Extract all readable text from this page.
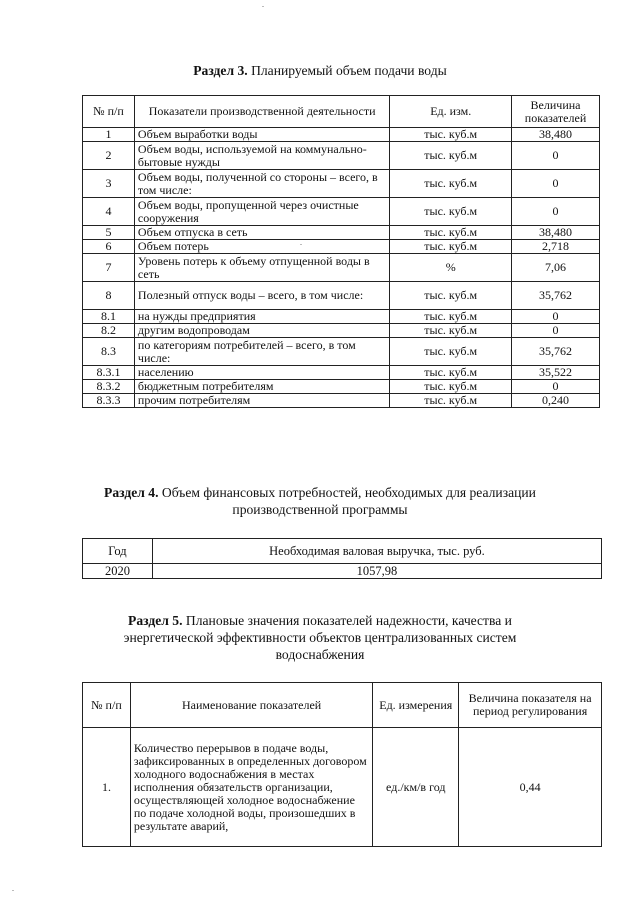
Раздел 3. Планируемый объем подачи воды
№ п/п	Показатели производственной деятельности	Ед. изм.	Величина показателей
1	Объем выработки воды	тыс. куб.м	38,480
2	Объем воды, используемой на коммунально-бытовые нужды	тыс. куб.м	0
3	Объем воды, полученной со стороны – всего, в том числе:	тыс. куб.м	0
4	Объем воды, пропущенной через очистные сооружения	тыс. куб.м	0
5	Объем отпуска в сеть	тыс. куб.м	38,480
6	Объем потерь	тыс. куб.м	2,718
7	Уровень потерь к объему отпущенной воды в сеть	%	7,06
8	Полезный отпуск воды – всего, в том числе:	тыс. куб.м	35,762
8.1	на нужды предприятия	тыс. куб.м	0
8.2	другим водопроводам	тыс. куб.м	0
8.3	по категориям потребителей – всего, в том числе:	тыс. куб.м	35,762
8.3.1	населению	тыс. куб.м	35,522
8.3.2	бюджетным потребителям	тыс. куб.м	0
8.3.3	прочим потребителям	тыс. куб.м	0,240
Раздел 4. Объем финансовых потребностей, необходимых для реализации
производственной программы
Год	Необходимая валовая выручка, тыс. руб.
2020	1057,98
Раздел 5. Плановые значения показателей надежности, качества и
энергетической эффективности объектов централизованных систем
водоснабжения
№ п/п	Наименование показателей	Ед. измерения	Величина показателя на период регулирования
1.	Количество перерывов в подаче воды, зафиксированных в определенных договором холодного водоснабжения в местах исполнения обязательств организации, осуществляющей холодное водоснабжение по подаче холодной воды, произошедших в результате аварий,	ед./км/в год	0,44
